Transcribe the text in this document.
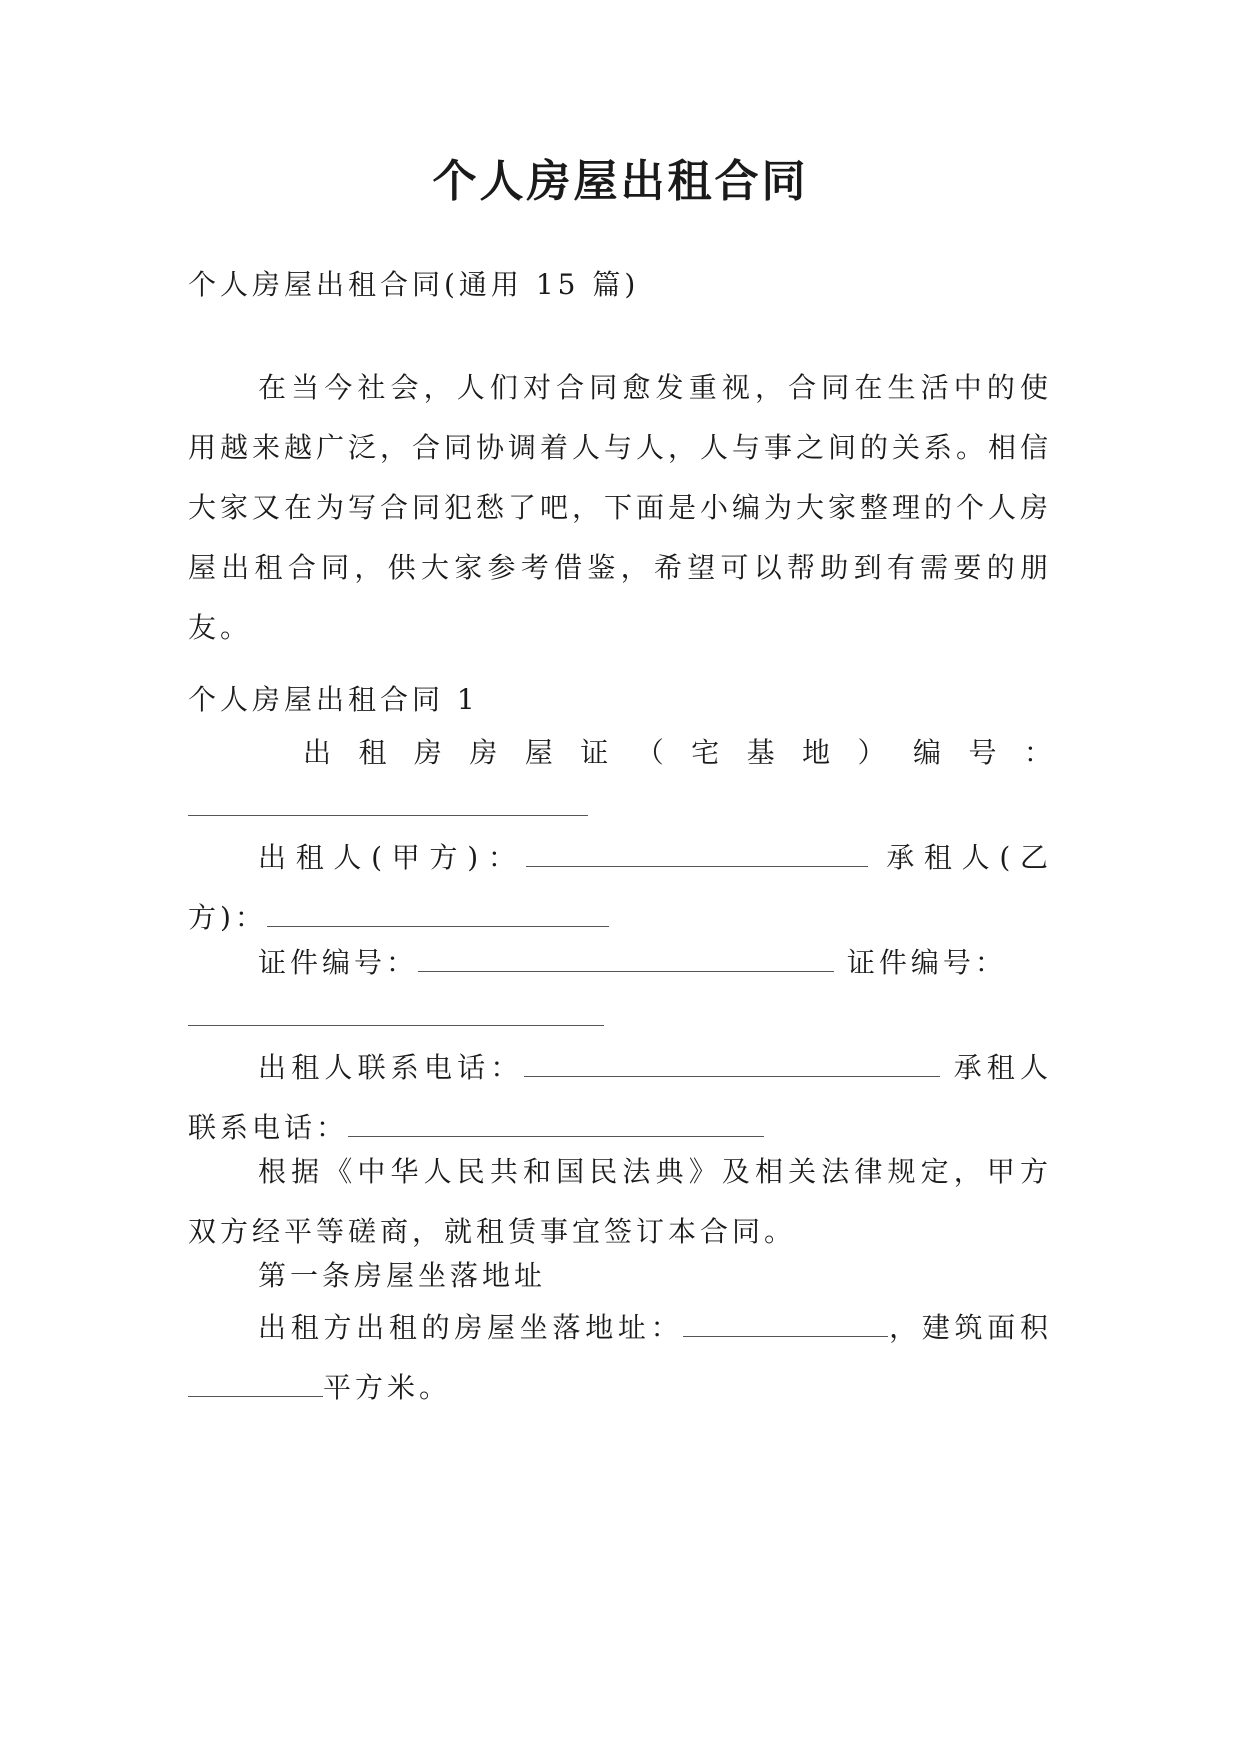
个人房屋出租合同
个人房屋出租合同(通用 15 篇)
在当今社会，人们对合同愈发重视，合同在生活中的使用越来越广泛，合同协调着人与人，人与事之间的关系。相信大家又在为写合同犯愁了吧，下面是小编为大家整理的个人房屋出租合同，供大家参考借鉴，希望可以帮助到有需要的朋友。
个人房屋出租合同 1
出 租 房 房 屋 证 （ 宅 基 地 ） 编 号 ：
出租人(甲方)：	承租人(乙方)：
证件编号：	证件编号：
出租人联系电话：	承租人联系电话：
根据《中华人民共和国民法典》及相关法律规定，甲方双方经平等磋商，就租赁事宜签订本合同。
第一条房屋坐落地址
出租方出租的房屋坐落地址：	，建筑面积平方米。
